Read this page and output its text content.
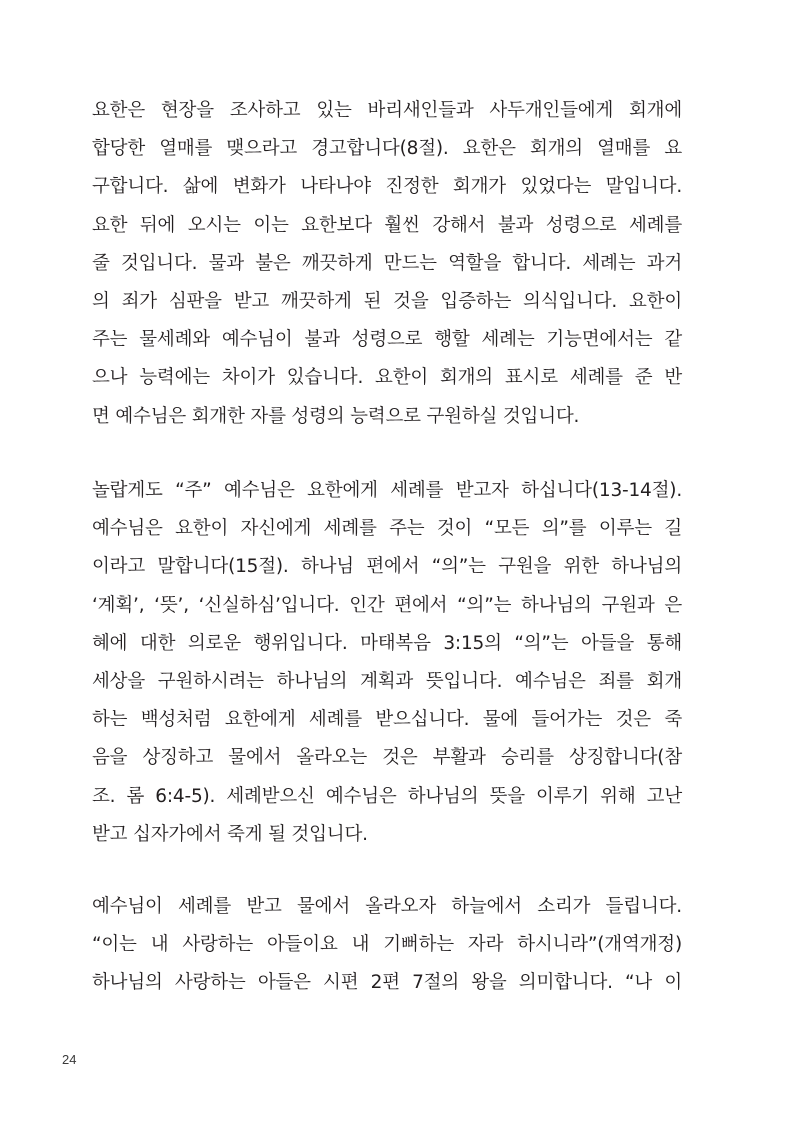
요한은 현장을 조사하고 있는 바리새인들과 사두개인들에게 회개에
합당한 열매를 맺으라고 경고합니다(8절). 요한은 회개의 열매를 요
구합니다. 삶에 변화가 나타나야 진정한 회개가 있었다는 말입니다.
요한 뒤에 오시는 이는 요한보다 훨씬 강해서 불과 성령으로 세례를
줄 것입니다. 물과 불은 깨끗하게 만드는 역할을 합니다. 세례는 과거
의 죄가 심판을 받고 깨끗하게 된 것을 입증하는 의식입니다. 요한이
주는 물세례와 예수님이 불과 성령으로 행할 세례는 기능면에서는 같
으나 능력에는 차이가 있습니다. 요한이 회개의 표시로 세례를 준 반
면 예수님은 회개한 자를 성령의 능력으로 구원하실 것입니다.

놀랍게도 “주” 예수님은 요한에게 세례를 받고자 하십니다(13-14절).
예수님은 요한이 자신에게 세례를 주는 것이 “모든 의”를 이루는 길
이라고 말합니다(15절). 하나님 편에서 “의”는 구원을 위한 하나님의
‘계획’, ‘뜻’, ‘신실하심’입니다. 인간 편에서 “의”는 하나님의 구원과 은
혜에 대한 의로운 행위입니다. 마태복음 3:15의 “의”는 아들을 통해
세상을 구원하시려는 하나님의 계획과 뜻입니다. 예수님은 죄를 회개
하는 백성처럼 요한에게 세례를 받으십니다. 물에 들어가는 것은 죽
음을 상징하고 물에서 올라오는 것은 부활과 승리를 상징합니다(참
조. 롬 6:4-5). 세례받으신 예수님은 하나님의 뜻을 이루기 위해 고난
받고 십자가에서 죽게 될 것입니다.

예수님이 세례를 받고 물에서 올라오자 하늘에서 소리가 들립니다.
“이는 내 사랑하는 아들이요 내 기뻐하는 자라 하시니라”(개역개정)
하나님의 사랑하는 아들은 시편 2편 7절의 왕을 의미합니다. “나 이

24
